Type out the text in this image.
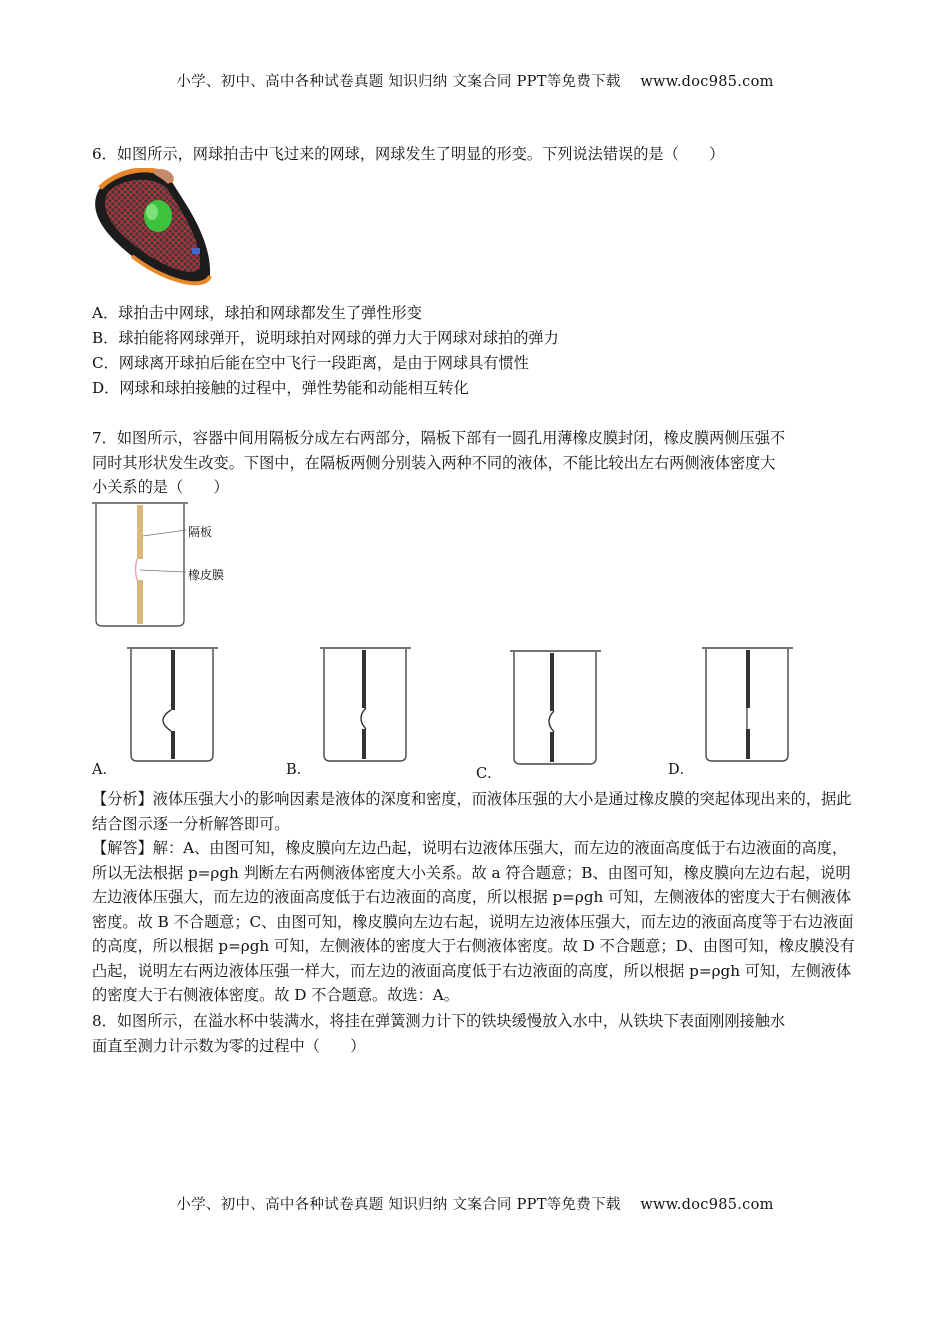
小学、初中、高中各种试卷真题 知识归纳 文案合同 PPT等免费下载    www.doc985.com
6．如图所示，网球拍击中飞过来的网球，网球发生了明显的形变。下列说法错误的是（　　）
A．球拍击中网球，球拍和网球都发生了弹性形变
B．球拍能将网球弹开，说明球拍对网球的弹力大于网球对球拍的弹力
C．网球离开球拍后能在空中飞行一段距离，是由于网球具有惯性
D．网球和球拍接触的过程中，弹性势能和动能相互转化
7．如图所示，容器中间用隔板分成左右两部分，隔板下部有一圆孔用薄橡皮膜封闭，橡皮膜两侧压强不
同时其形状发生改变。下图中，在隔板两侧分别装入两种不同的液体，不能比较出左右两侧液体密度大
小关系的是（　　）
隔板
橡皮膜
A．	B．	C．	D．
【分析】液体压强大小的影响因素是液体的深度和密度，而液体压强的大小是通过橡皮膜的突起体现出来的，据此结合图示逐一分析解答即可。
【解答】解：A、由图可知，橡皮膜向左边凸起，说明右边液体压强大，而左边的液面高度低于右边液面的高度，所以无法根据 p=ρgh 判断左右两侧液体密度大小关系。故 a 符合题意；B、由图可知，橡皮膜向左边右起，说明左边液体压强大，而左边的液面高度低于右边液面的高度，所以根据 p=ρgh 可知，左侧液体的密度大于右侧液体密度。故 B 不合题意；C、由图可知，橡皮膜向左边右起，说明左边液体压强大，而左边的液面高度等于右边液面的高度，所以根据 p=ρgh 可知，左侧液体的密度大于右侧液体密度。故 D 不合题意；D、由图可知，橡皮膜没有凸起，说明左右两边液体压强一样大，而左边的液面高度低于右边液面的高度，所以根据 p=ρgh 可知，左侧液体的密度大于右侧液体密度。故 D 不合题意。故选：A。
8．如图所示，在溢水杯中装满水，将挂在弹簧测力计下的铁块缓慢放入水中，从铁块下表面刚刚接触水
面直至测力计示数为零的过程中（　　）
小学、初中、高中各种试卷真题 知识归纳 文案合同 PPT等免费下载    www.doc985.com
